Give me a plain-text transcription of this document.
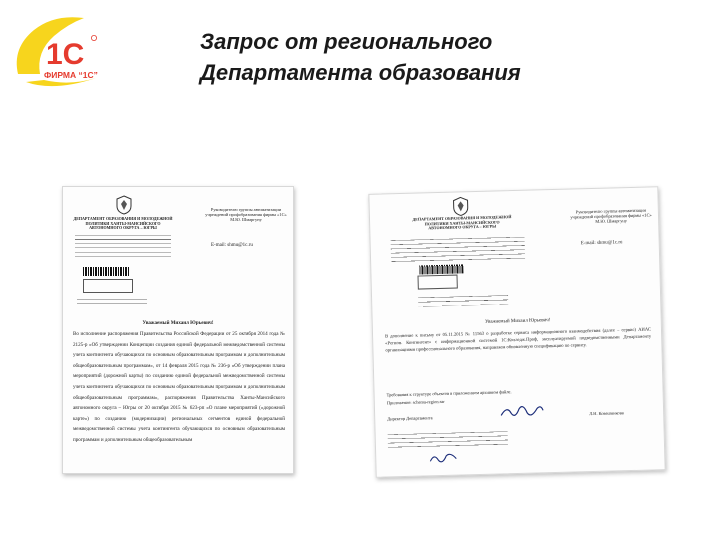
1С
ФИРМА “1С”
Запрос от регионального
Департамента образования
ДЕПАРТАМЕНТ ОБРАЗОВАНИЯ И МОЛОДЕЖНОЙ ПОЛИТИКИ ХАНТЫ-МАНСИЙСКОГО АВТОНОМНОГО ОКРУГА – ЮГРЫ
Руководителю группы автоматизации учреждений профобразования фирмы «1С» М.Ю. Шмаргуну
E-mail: shmu@1c.ru
Уважаемый Михаил Юрьевич!
Во исполнение распоряжения Правительства Российской Федерации от 25 октября 2014 года № 2125-р «Об утверждении Концепции создания единой федеральной межведомственной системы учета контингента обучающихся по основным образовательным программам и дополнительным общеобразовательным программам», от 14 февраля 2015 года № 236-р «Об утверждении плана мероприятий (дорожной карты) по созданию единой федеральной межведомственной системы учета контингента обучающихся по основным образовательным программам и дополнительным общеобразовательным программам», распоряжения Правительства Ханты-Мансийского автономного округа – Югры от 20 октября 2015 № 623-рп «О плане мероприятий («дорожной карте») по созданию (модернизации) региональных сегментов единой федеральной межведомственной системы учета контингента обучающихся по основным образовательным программам и дополнительным общеобразовательным
ДЕПАРТАМЕНТ ОБРАЗОВАНИЯ И МОЛОДЕЖНОЙ ПОЛИТИКИ ХАНТЫ-МАНСИЙСКОГО АВТОНОМНОГО ОКРУГА – ЮГРЫ
Руководителю группы автоматизации учреждений профобразования фирмы «1С» М.Ю. Шмаргуну
E-mail: shmu@1c.ru
Уважаемый Михаил Юрьевич!
В дополнение к письму от 05.11.2015 № 11563 о разработке сервиса информационного взаимодействия (далее – сервис) АИАС «Регион. Контингент» с информационной системой 1С:Колледж.Проф, эксплуатируемой подведомственными Департаменту организациями профессионального образования, направляем обновленную спецификацию по сервису.
Требования к структуре объектов в приложенном архивном файле.
Приложение: schema-region.rar
Директор Департамента
Л.Н. Ковешникова
